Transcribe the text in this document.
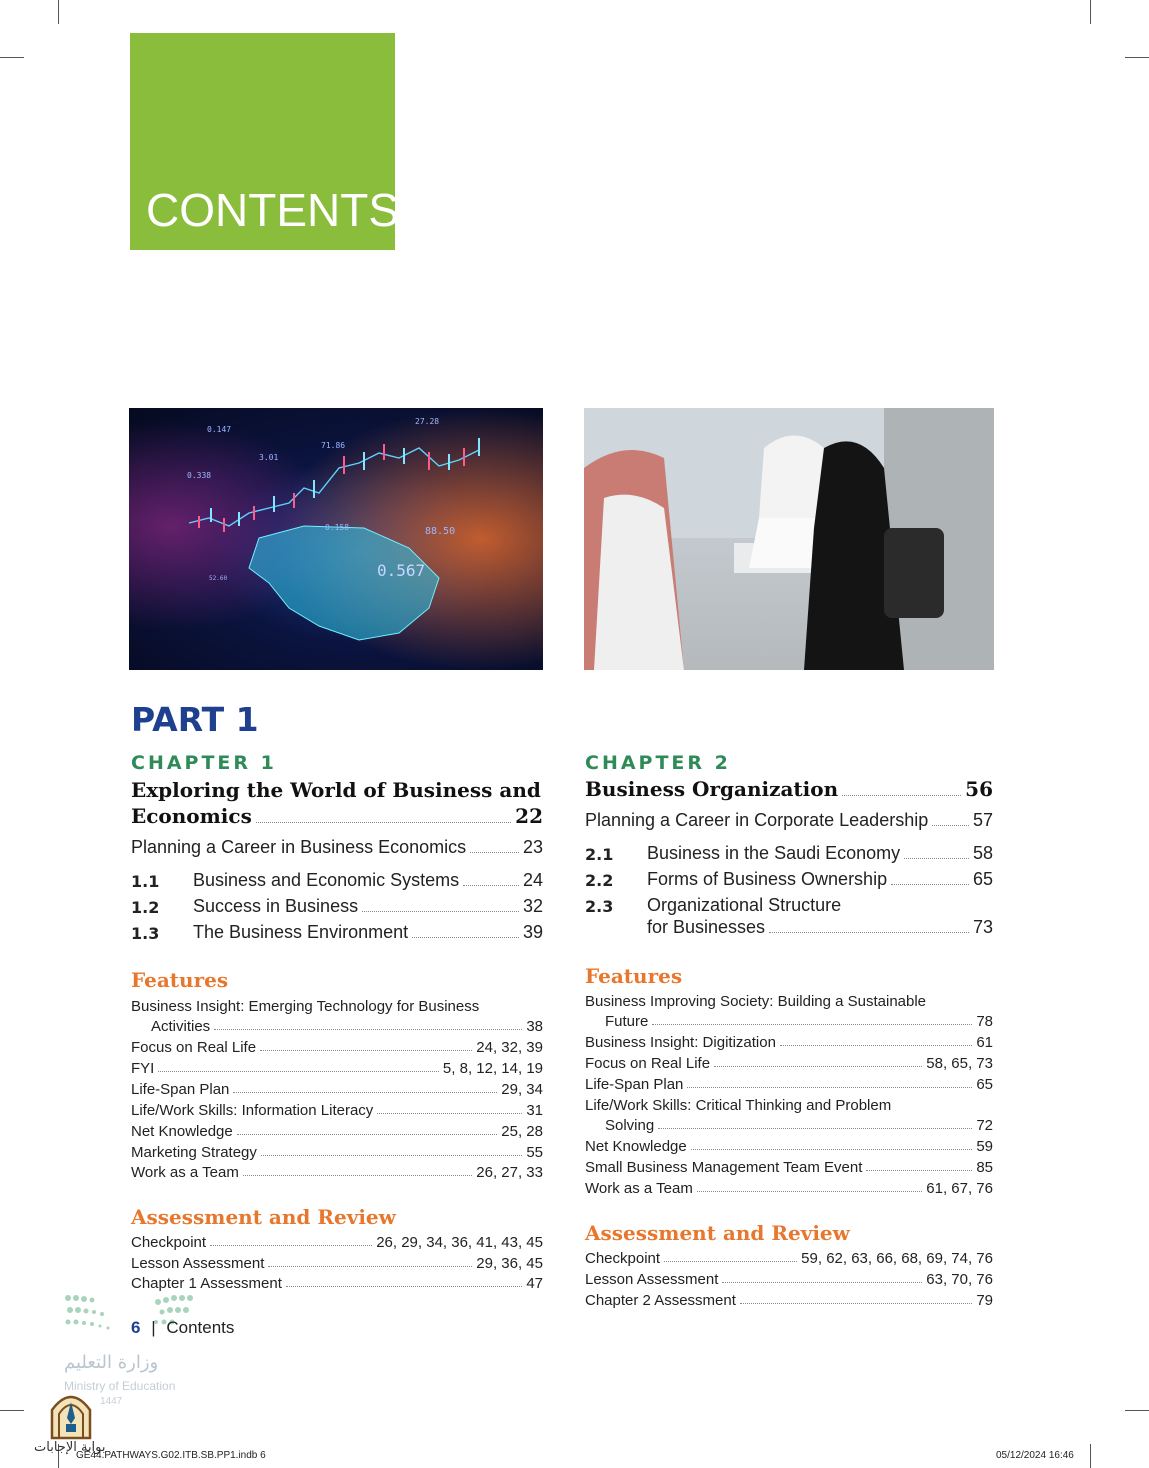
CONTENTS
0.147
27.28
71.86
3.01
0.338
0.158	88.50
0.567
52.60
PART 1
CHAPTER 1
Exploring the World of Business and
Economics	22
Planning a Career in Business Economics	23
1.1	Business and Economic Systems	24
1.2	Success in Business	32
1.3	The Business Environment	39
Features
Business Insight: Emerging Technology for Business
Activities	38
Focus on Real Life	24, 32, 39
FYI	5, 8, 12, 14, 19
Life-Span Plan	29, 34
Life/Work Skills: Information Literacy	31
Net Knowledge	25, 28
Marketing Strategy	55
Work as a Team	26, 27, 33
Assessment and Review
Checkpoint	26, 29, 34, 36, 41, 43, 45
Lesson Assessment	29, 36, 45
Chapter 1 Assessment	47
CHAPTER 2
Business Organization	56
Planning a Career in Corporate Leadership 57
2.1	Business in the Saudi Economy	58
2.2	Forms of Business Ownership	65
2.3	Organizational Structure
for Businesses	73
Features
Business Improving Society: Building a Sustainable
Future	78
Business Insight: Digitization	61
Focus on Real Life	58, 65, 73
Life-Span Plan	65
Life/Work Skills: Critical Thinking and Problem
Solving	72
Net Knowledge	59
Small Business Management Team Event	85
Work as a Team	61, 67, 76
Assessment and Review
Checkpoint	59, 62, 63, 66, 68, 69, 74, 76
Lesson Assessment	63, 70, 76
Chapter 2 Assessment	79
6 | Contents
وزارة التعليم
Ministry of Education
1447
بوابة الإجابات
GE44.PATHWAYS.G02.ITB.SB.PP1.indb 6	05/12/2024 16:46
